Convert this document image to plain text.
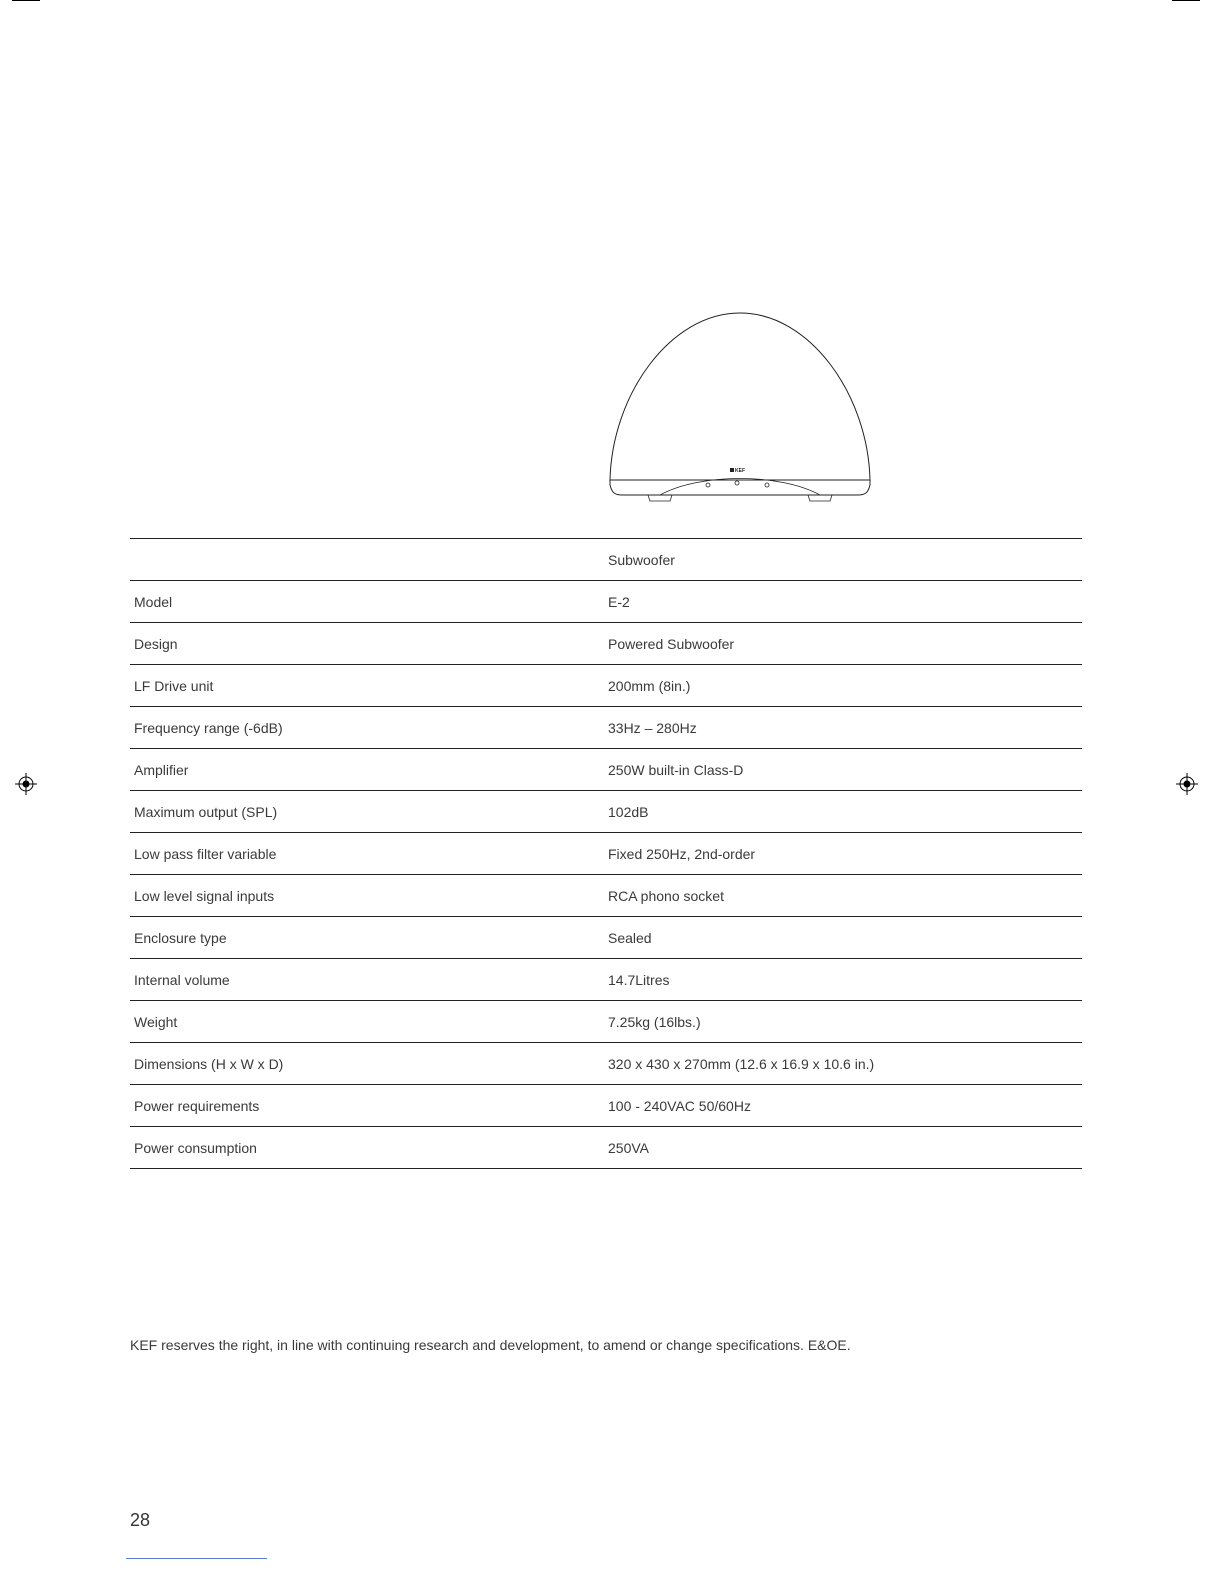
KEF
	Subwoofer
Model	E-2
Design	Powered Subwoofer
LF Drive unit	200mm (8in.)
Frequency range (-6dB)	33Hz – 280Hz
Amplifier	250W built-in Class-D
Maximum output (SPL)	102dB
Low pass filter variable	Fixed 250Hz, 2nd-order
Low level signal inputs	RCA phono socket
Enclosure type	Sealed
Internal volume	14.7Litres
Weight	7.25kg (16lbs.)
Dimensions (H x W x D)	320 x 430 x 270mm (12.6 x 16.9 x 10.6 in.)
Power requirements	100 - 240VAC 50/60Hz
Power consumption	250VA
KEF reserves the right, in line with continuing research and development, to amend or change specifications. E&OE.
28
